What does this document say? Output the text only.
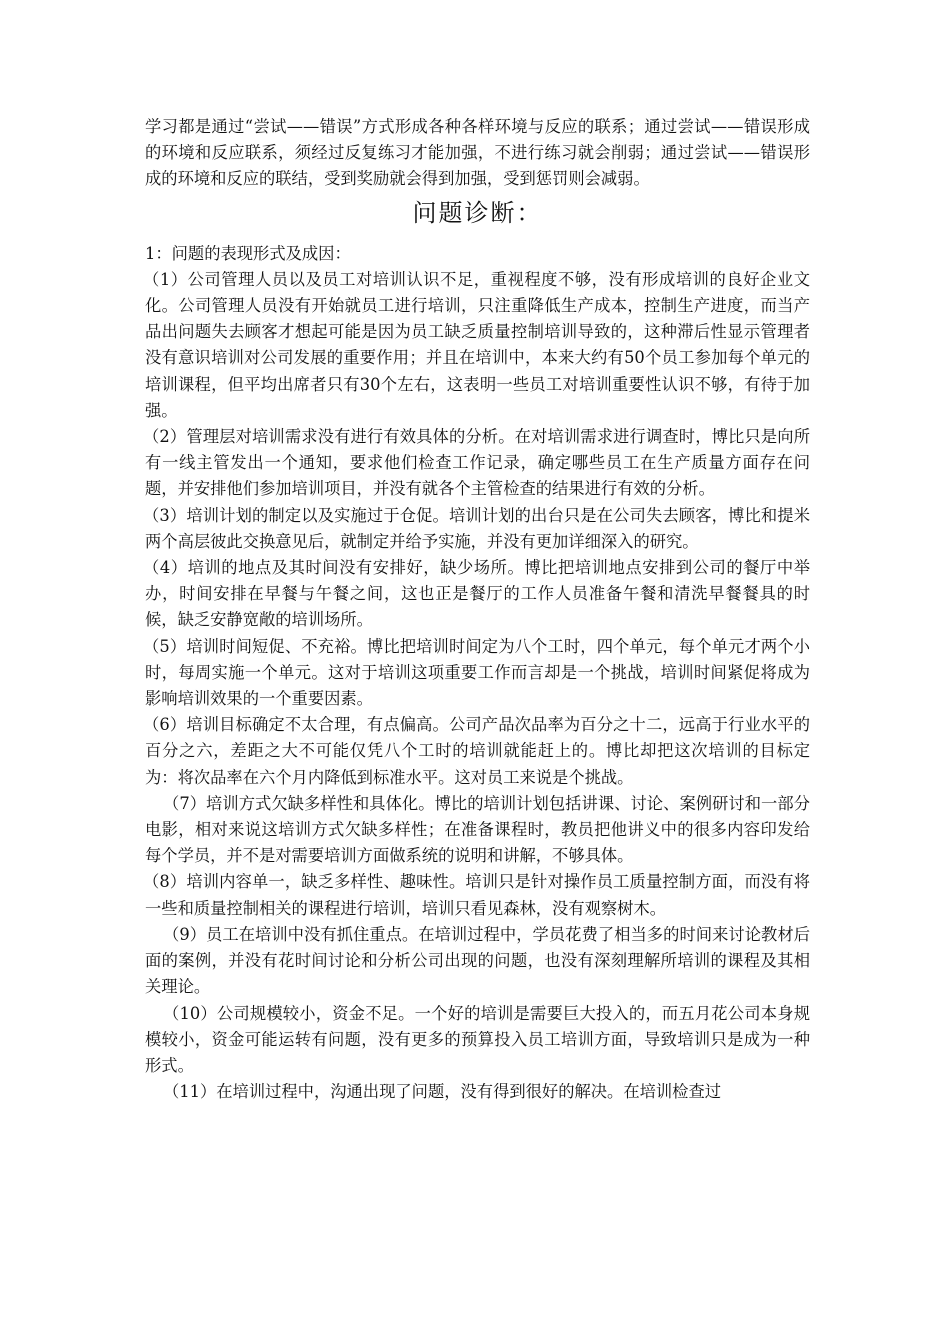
学习都是通过“尝试——错误”方式形成各种各样环境与反应的联系；通过尝试——错误形成的环境和反应联系，须经过反复练习才能加强，不进行练习就会削弱；通过尝试——错误形成的环境和反应的联结，受到奖励就会得到加强，受到惩罚则会减弱。

问题诊断：

1：问题的表现形式及成因：

（1）公司管理人员以及员工对培训认识不足，重视程度不够，没有形成培训的良好企业文化。公司管理人员没有开始就员工进行培训，只注重降低生产成本，控制生产进度，而当产品出问题失去顾客才想起可能是因为员工缺乏质量控制培训导致的，这种滞后性显示管理者没有意识培训对公司发展的重要作用；并且在培训中，本来大约有50个员工参加每个单元的培训课程，但平均出席者只有30个左右，这表明一些员工对培训重要性认识不够，有待于加强。

（2）管理层对培训需求没有进行有效具体的分析。在对培训需求进行调查时，博比只是向所有一线主管发出一个通知，要求他们检查工作记录，确定哪些员工在生产质量方面存在问题，并安排他们参加培训项目，并没有就各个主管检查的结果进行有效的分析。

（3）培训计划的制定以及实施过于仓促。培训计划的出台只是在公司失去顾客，博比和提米两个高层彼此交换意见后，就制定并给予实施，并没有更加详细深入的研究。

（4）培训的地点及其时间没有安排好，缺少场所。博比把培训地点安排到公司的餐厅中举办，时间安排在早餐与午餐之间，这也正是餐厅的工作人员准备午餐和清洗早餐餐具的时候，缺乏安静宽敞的培训场所。

（5）培训时间短促、不充裕。博比把培训时间定为八个工时，四个单元，每个单元才两个小时，每周实施一个单元。这对于培训这项重要工作而言却是一个挑战，培训时间紧促将成为影响培训效果的一个重要因素。

（6）培训目标确定不太合理，有点偏高。公司产品次品率为百分之十二，远高于行业水平的百分之六，差距之大不可能仅凭八个工时的培训就能赶上的。博比却把这次培训的目标定为：将次品率在六个月内降低到标准水平。这对员工来说是个挑战。

（7）培训方式欠缺多样性和具体化。博比的培训计划包括讲课、讨论、案例研讨和一部分电影，相对来说这培训方式欠缺多样性；在准备课程时，教员把他讲义中的很多内容印发给每个学员，并不是对需要培训方面做系统的说明和讲解，不够具体。

（8）培训内容单一，缺乏多样性、趣味性。培训只是针对操作员工质量控制方面，而没有将一些和质量控制相关的课程进行培训，培训只看见森林，没有观察树木。

（9）员工在培训中没有抓住重点。在培训过程中，学员花费了相当多的时间来讨论教材后面的案例，并没有花时间讨论和分析公司出现的问题，也没有深刻理解所培训的课程及其相关理论。

（10）公司规模较小，资金不足。一个好的培训是需要巨大投入的，而五月花公司本身规模较小，资金可能运转有问题，没有更多的预算投入员工培训方面，导致培训只是成为一种形式。

（11）在培训过程中，沟通出现了问题，没有得到很好的解决。在培训检查过
